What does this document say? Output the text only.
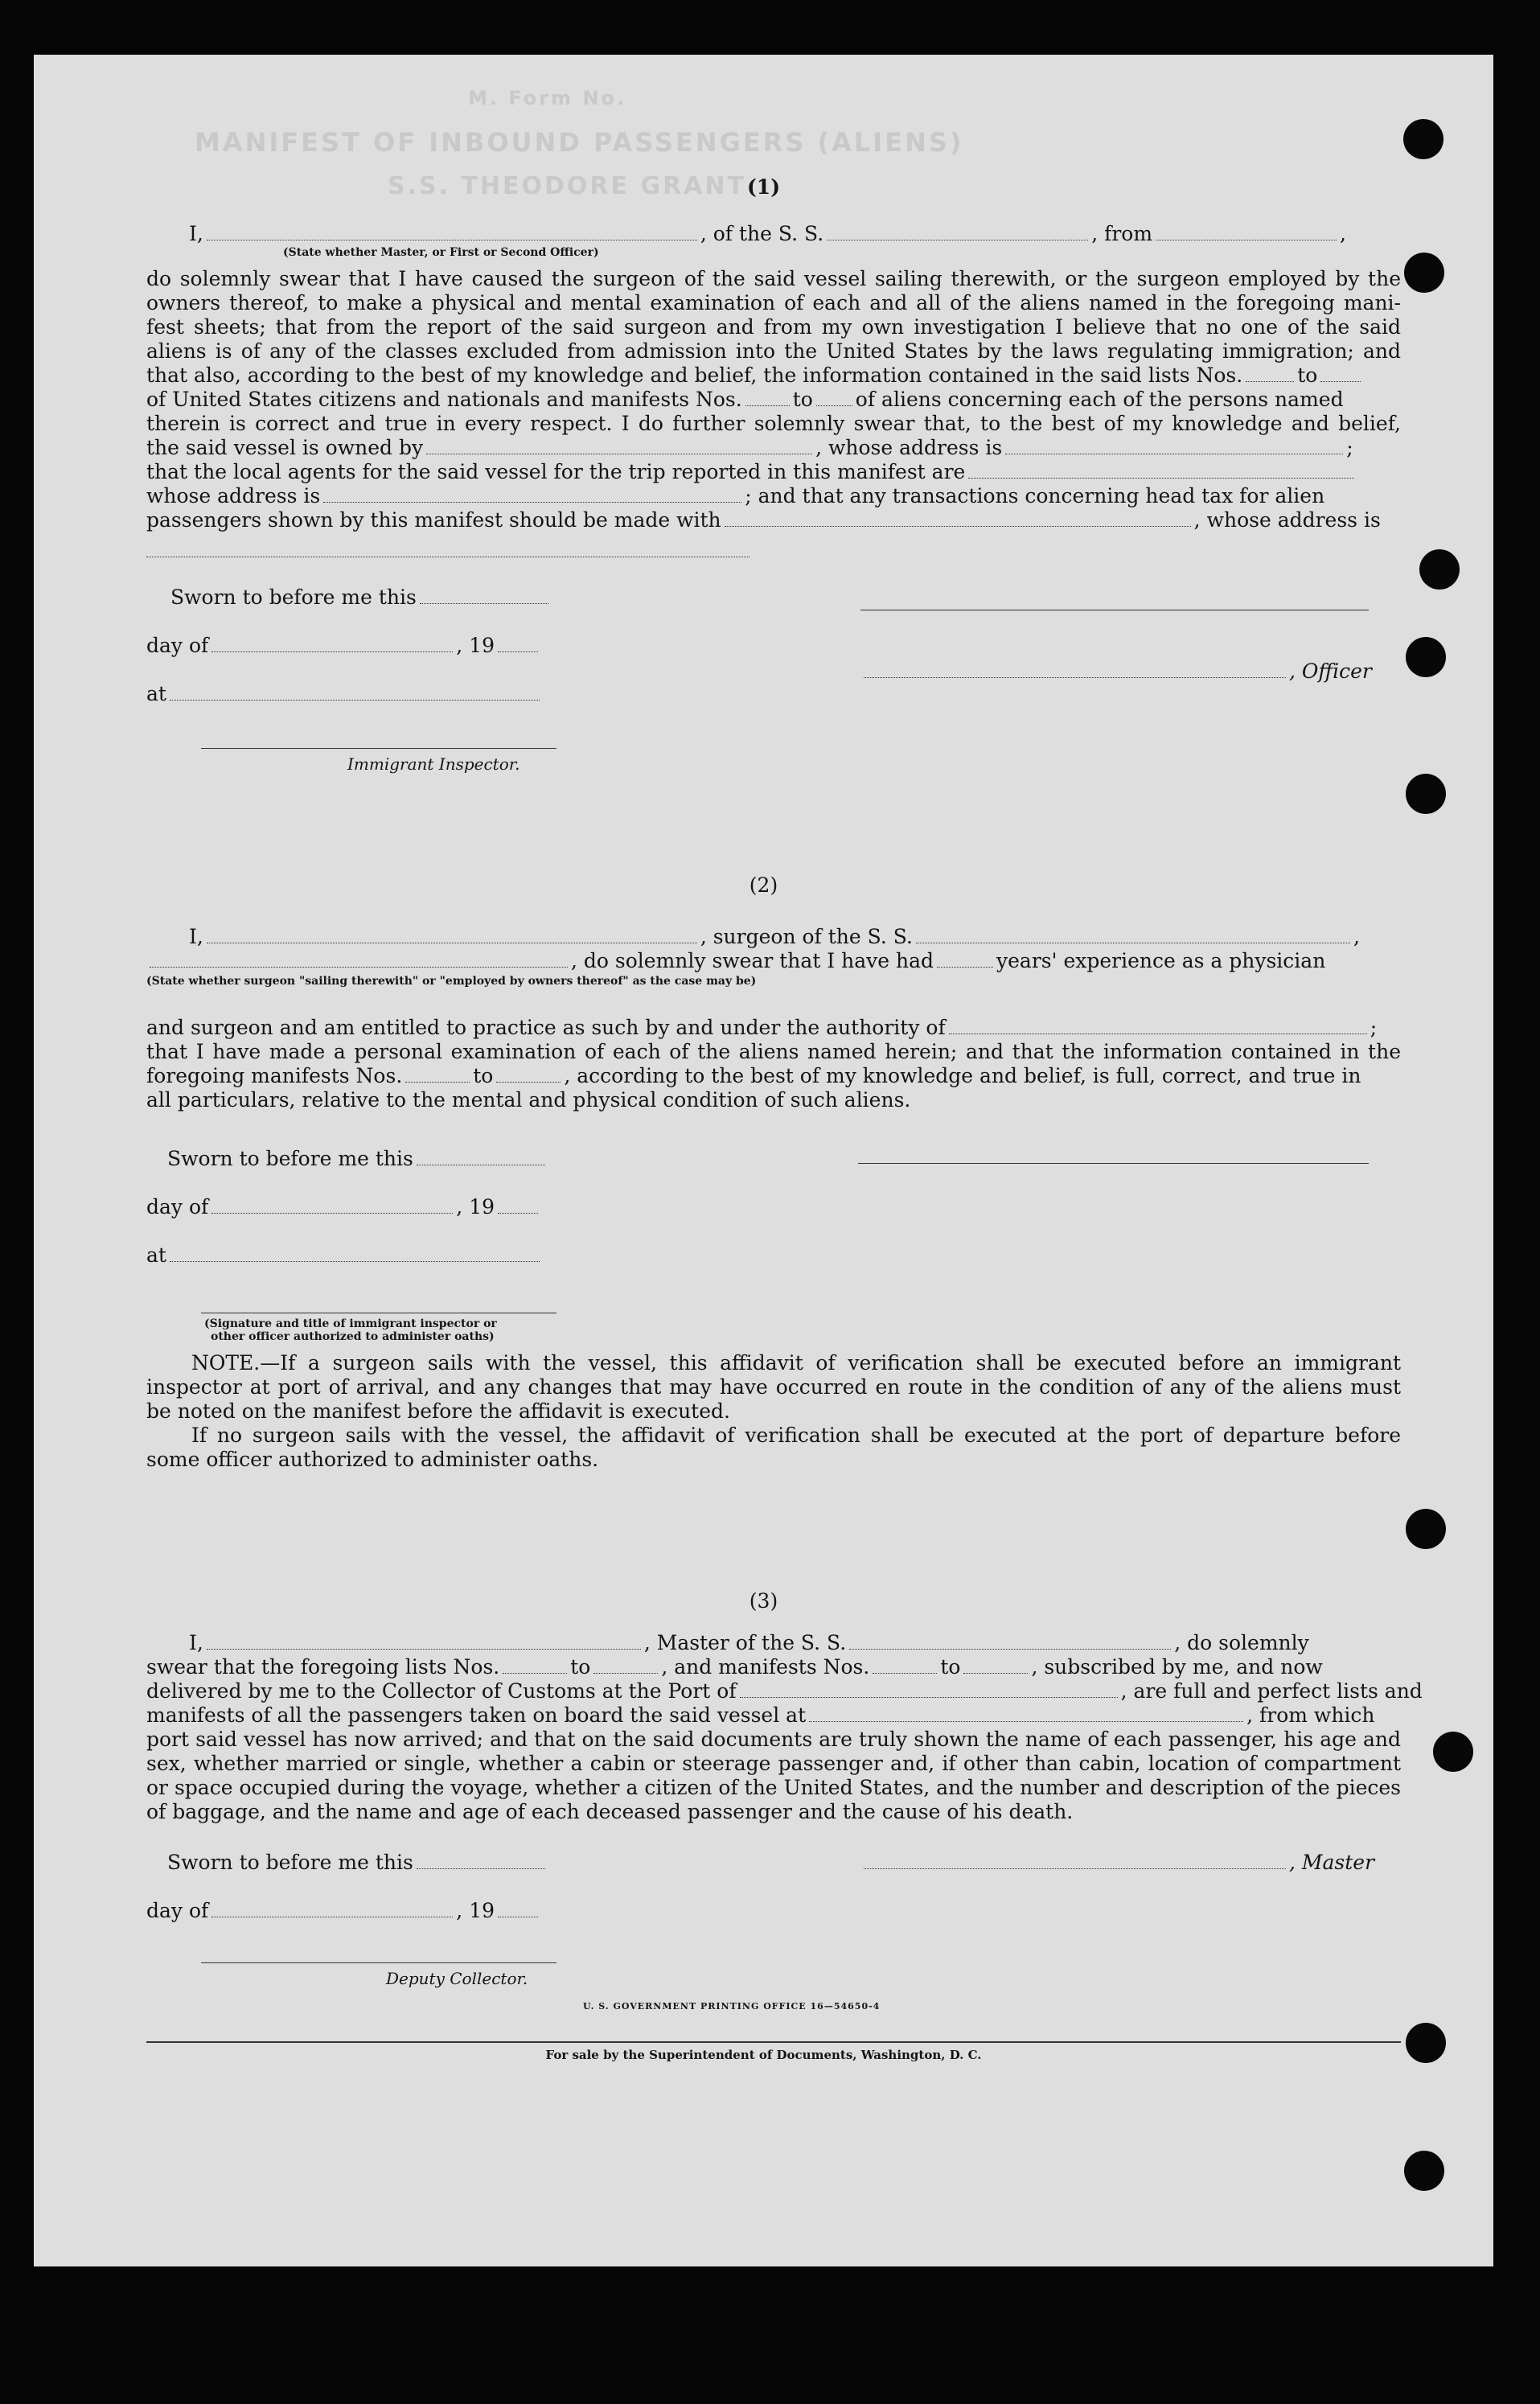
M. Form No.
MANIFEST OF INBOUND PASSENGERS (ALIENS)
S.S. THEODORE GRANT (1)
I,	, of the S. S.	, from	,
(State whether Master, or First or Second Officer)
do solemnly swear that I have caused the surgeon of the said vessel sailing therewith, or the surgeon employed by the
owners thereof, to make a physical and mental examination of each and all of the aliens named in the foregoing mani-
fest sheets; that from the report of the said surgeon and from my own investigation I believe that no one of the said
aliens is of any of the classes excluded from admission into the United States by the laws regulating immigration; and
that also, according to the best of my knowledge and belief, the information contained in the said lists Nos.	to
of United States citizens and nationals and manifests Nos.	to of aliens concerning each of the persons named
therein is correct and true in every respect. I do further solemnly swear that, to the best of my knowledge and belief,
the said vessel is owned by	, whose address is	;
that the local agents for the said vessel for the trip reported in this manifest are
whose address is	; and that any transactions concerning head tax for alien
passengers shown by this manifest should be made with	, whose address is
Sworn to before me this
day of	, 19
, Officer
at
Immigrant Inspector.
(2)
I,	, surgeon of the S. S.	,
, do solemnly swear that I have had	years' experience as a physician
(State whether surgeon "sailing therewith" or "employed by owners thereof" as the case may be)
and surgeon and am entitled to practice as such by and under the authority of	;
that I have made a personal examination of each of the aliens named herein; and that the information contained in the
foregoing manifests Nos.	to	, according to the best of my knowledge and belief, is full, correct, and true in
all particulars, relative to the mental and physical condition of such aliens.
Sworn to before me this
day of	, 19
at
(Signature and title of immigrant inspector or
other officer authorized to administer oaths)
NOTE.—If a surgeon sails with the vessel, this affidavit of verification shall be executed before an immigrant
inspector at port of arrival, and any changes that may have occurred en route in the condition of any of the aliens must
be noted on the manifest before the affidavit is executed.
If no surgeon sails with the vessel, the affidavit of verification shall be executed at the port of departure before
some officer authorized to administer oaths.
(3)
I,	, Master of the S. S.	, do solemnly
swear that the foregoing lists Nos.	to	, and manifests Nos.	to	, subscribed by me, and now
delivered by me to the Collector of Customs at the Port of	, are full and perfect lists and
manifests of all the passengers taken on board the said vessel at	, from which
port said vessel has now arrived; and that on the said documents are truly shown the name of each passenger, his age and
sex, whether married or single, whether a cabin or steerage passenger and, if other than cabin, location of compartment
or space occupied during the voyage, whether a citizen of the United States, and the number and description of the pieces
of baggage, and the name and age of each deceased passenger and the cause of his death.
Sworn to before me this	, Master
day of	, 19
Deputy Collector.
U. S. GOVERNMENT PRINTING OFFICE 16—54650-4
For sale by the Superintendent of Documents, Washington, D. C.
